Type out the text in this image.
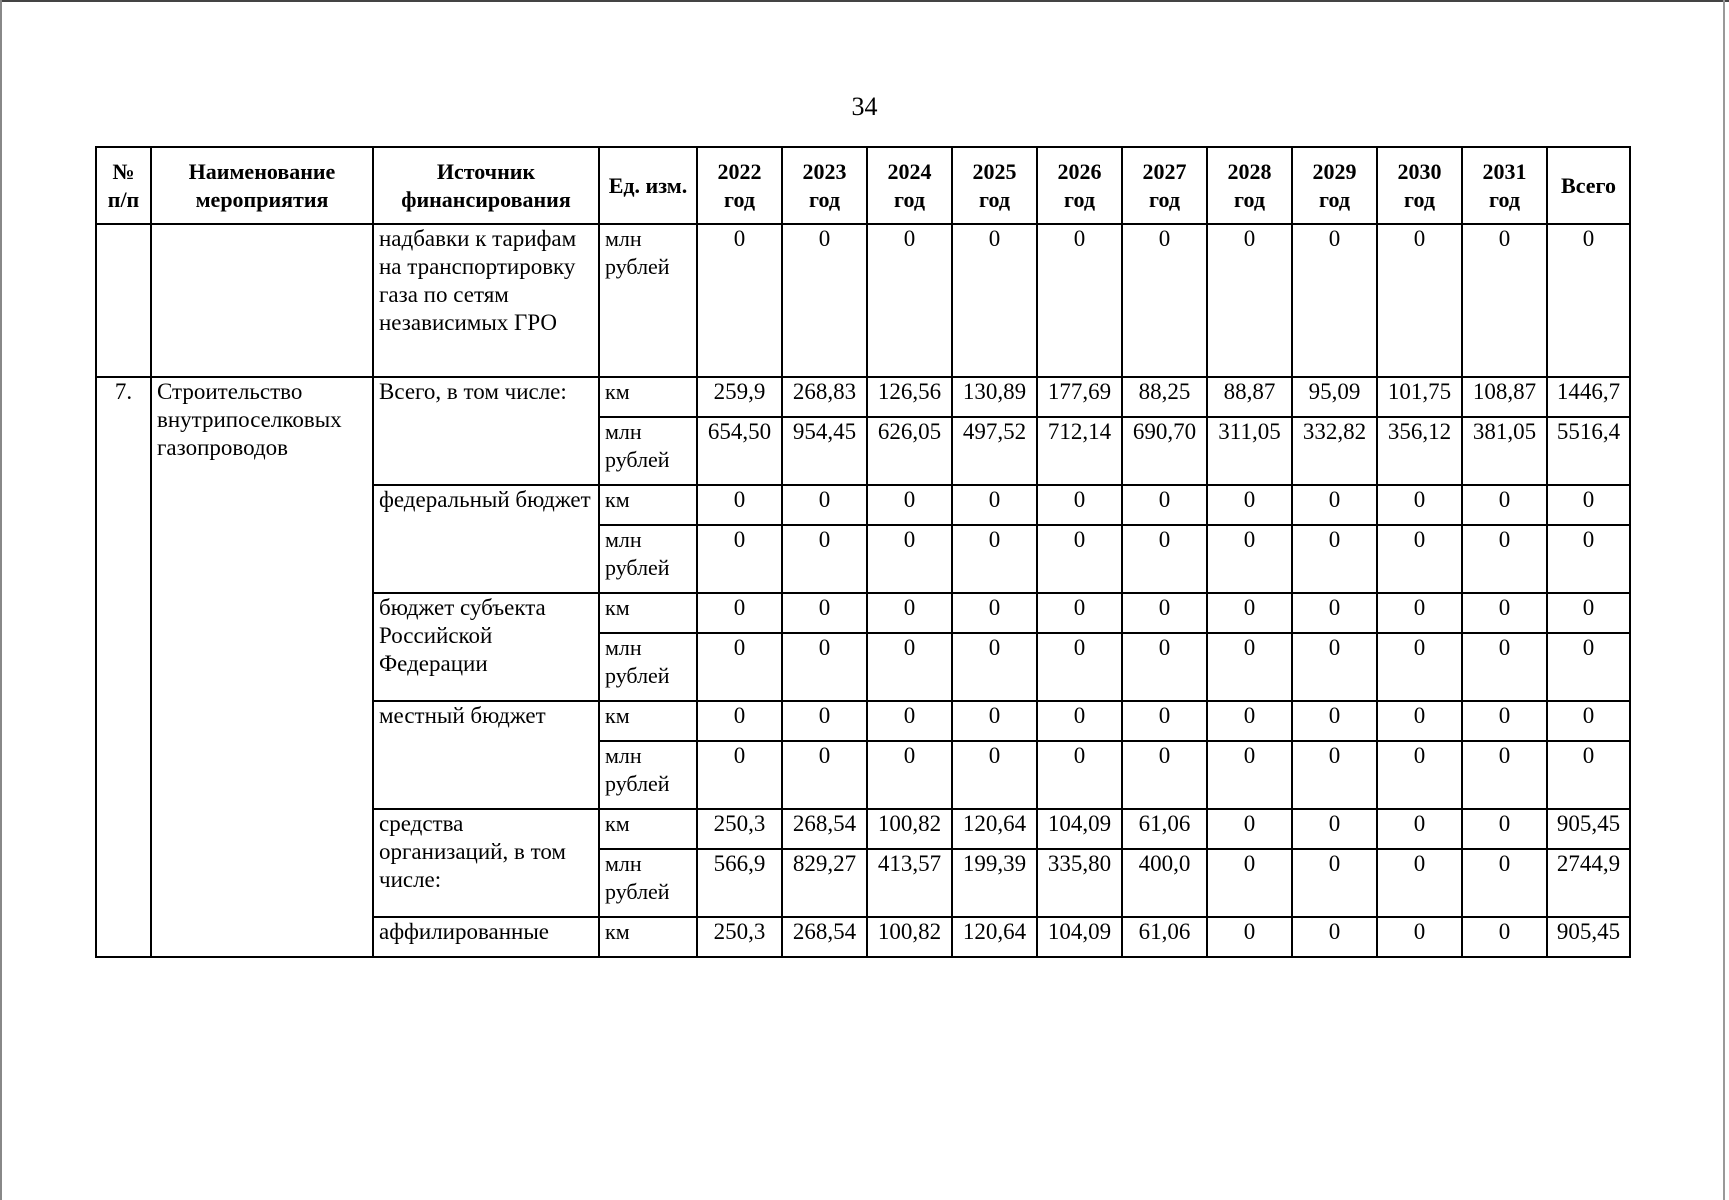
34
№
п/п	Наименование мероприятия	Источник финансирования	Ед. изм.	2022 год	2023 год	2024 год	2025 год	2026 год	2027 год	2028 год	2029 год	2030 год	2031 год	Всего
		надбавки к тарифам на транспортировку газа по сетям независимых ГРО	млн рублей	0	0	0	0	0	0	0	0	0	0	0
7.	Строительство внутрипоселковых газопроводов	Всего, в том числе:	км	259,9	268,83	126,56	130,89	177,69	88,25	88,87	95,09	101,75	108,87	1446,7
			млн рублей	654,50	954,45	626,05	497,52	712,14	690,70	311,05	332,82	356,12	381,05	5516,4
		федеральный бюджет	км	0	0	0	0	0	0	0	0	0	0	0
			млн рублей	0	0	0	0	0	0	0	0	0	0	0
		бюджет субъекта Российской Федерации	км	0	0	0	0	0	0	0	0	0	0	0
			млн рублей	0	0	0	0	0	0	0	0	0	0	0
		местный бюджет	км	0	0	0	0	0	0	0	0	0	0	0
			млн рублей	0	0	0	0	0	0	0	0	0	0	0
		средства организаций, в том числе:	км	250,3	268,54	100,82	120,64	104,09	61,06	0	0	0	0	905,45
			млн рублей	566,9	829,27	413,57	199,39	335,80	400,0	0	0	0	0	2744,9
		аффилированные	км	250,3	268,54	100,82	120,64	104,09	61,06	0	0	0	0	905,45
